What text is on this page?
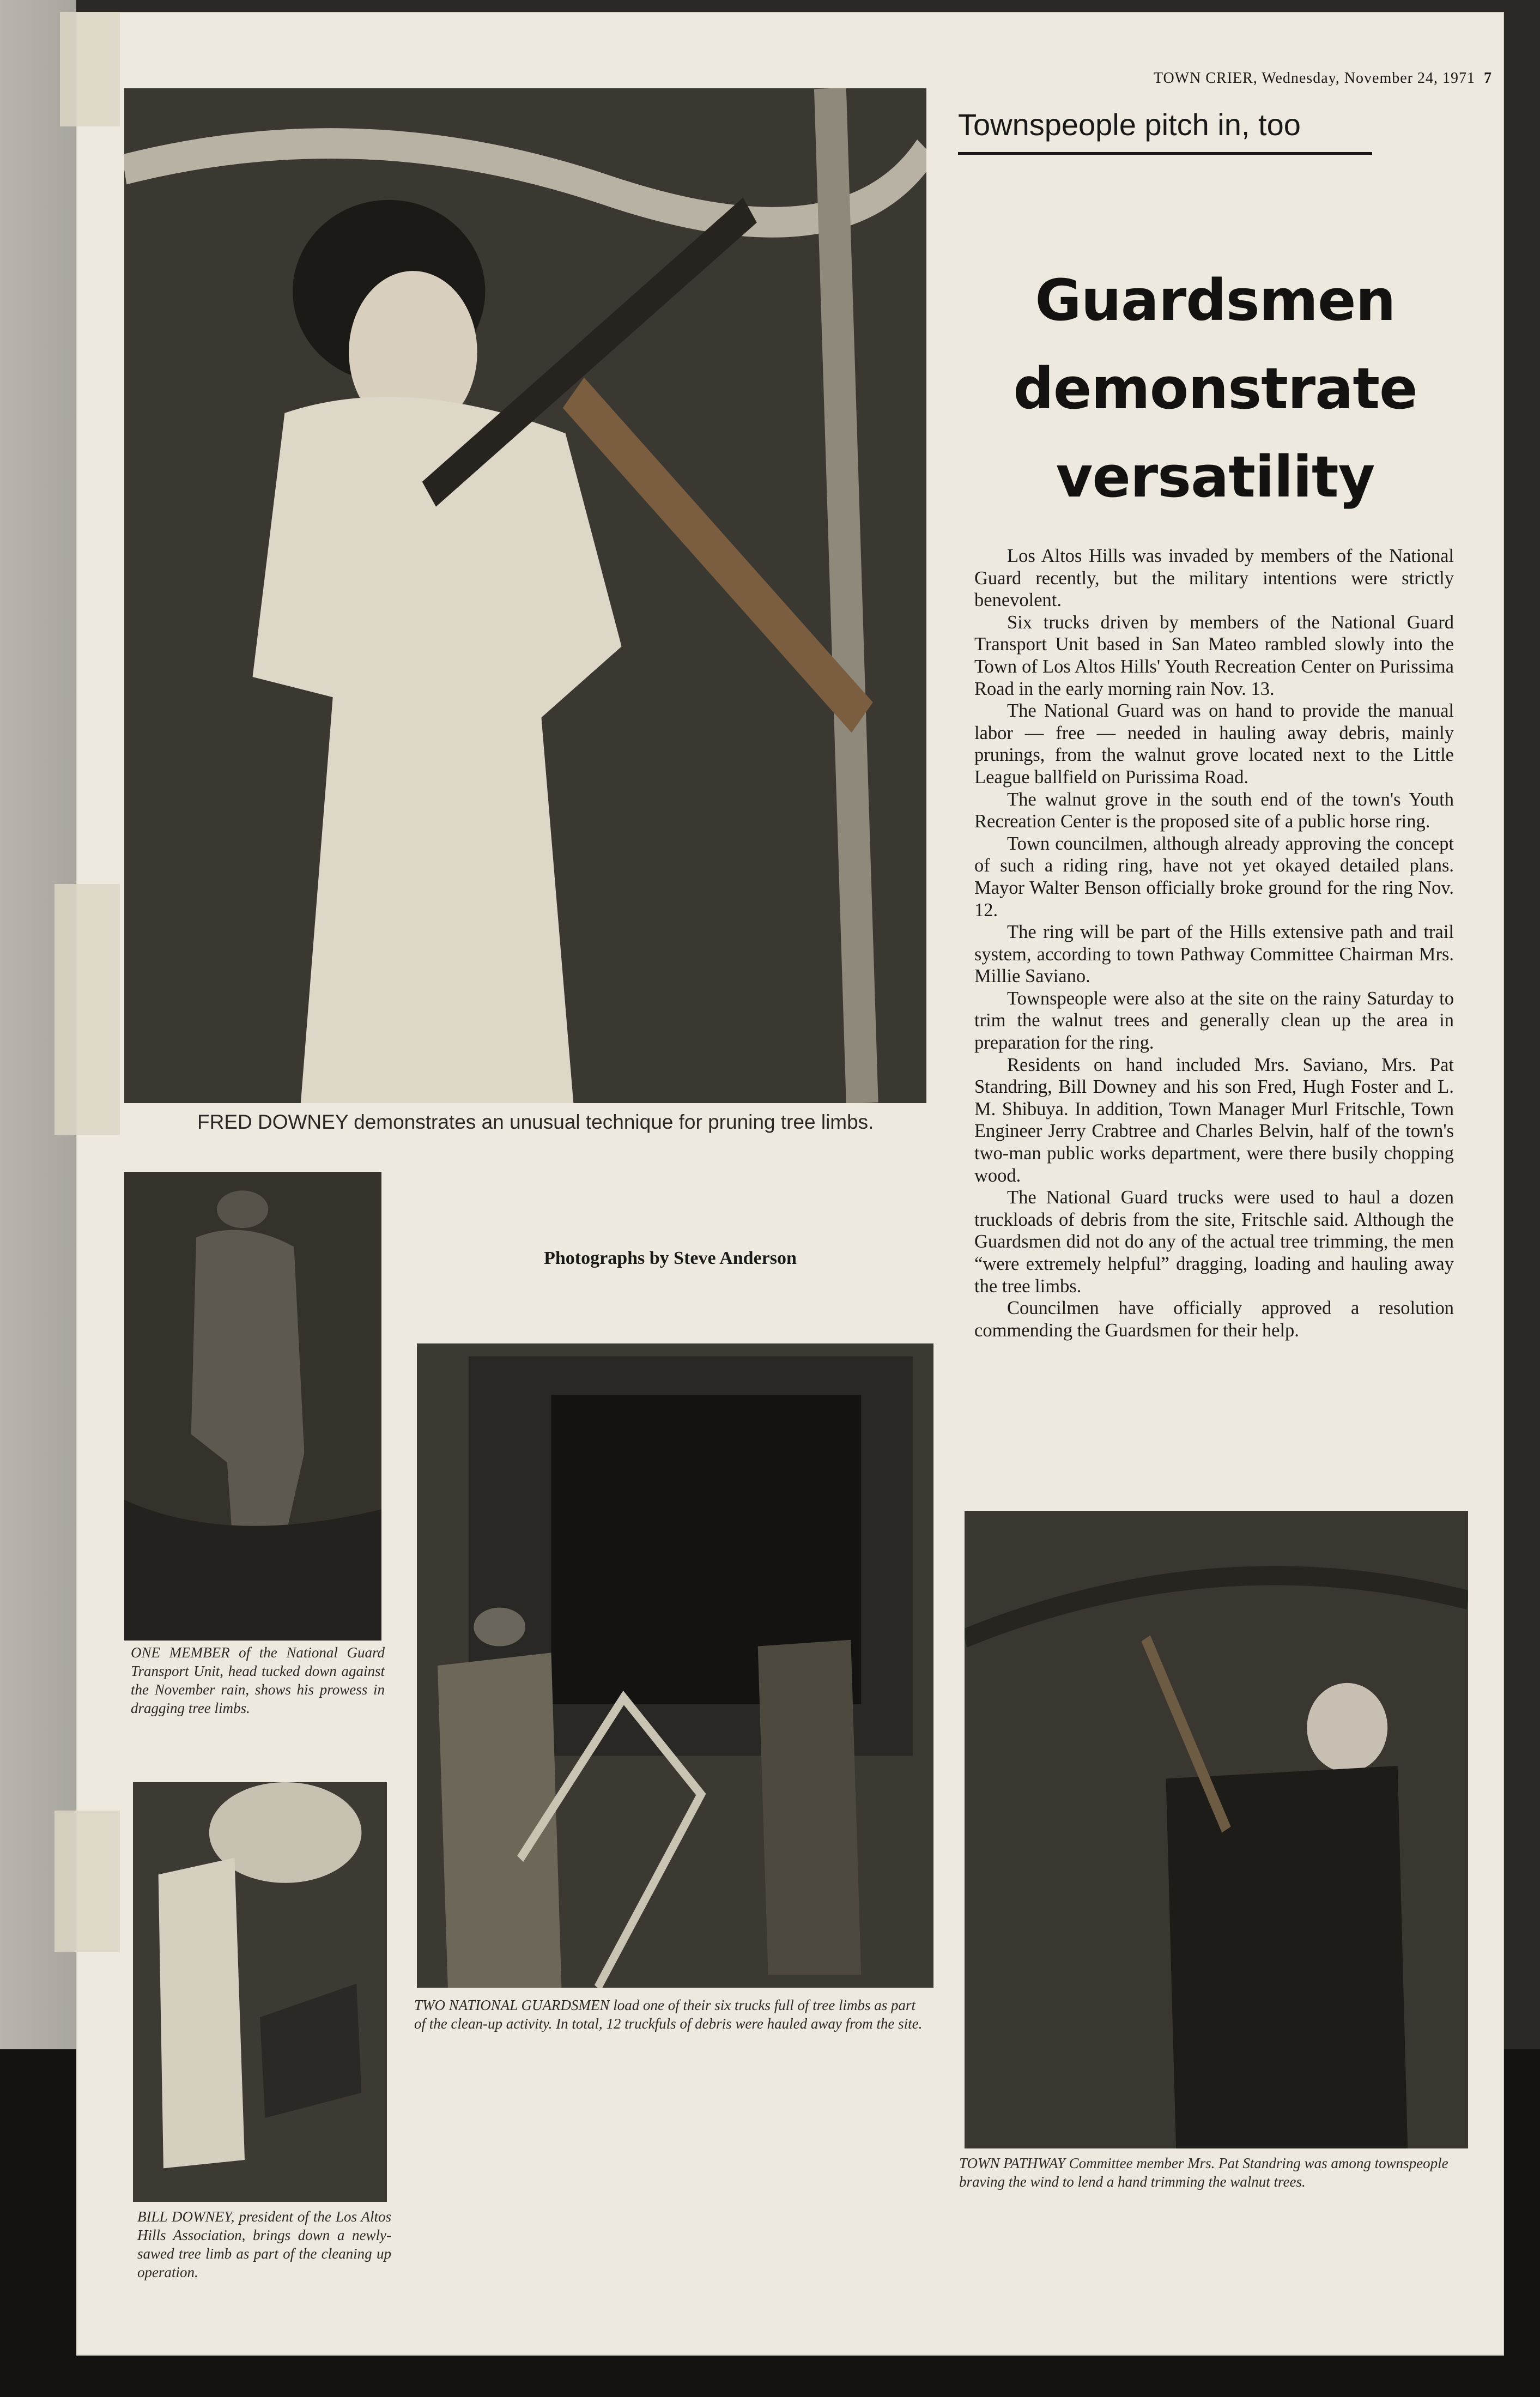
TOWN CRIER, Wednesday, November 24, 1971 7
Townspeople pitch in, too
Guardsmen
demonstrate
versatility

Los Altos Hills was invaded by members of the National Guard recently, but the military intentions were strictly benevolent.

Six trucks driven by members of the National Guard Transport Unit based in San Mateo rambled slowly into the Town of Los Altos Hills' Youth Recreation Center on Purissima Road in the early morning rain Nov. 13.

The National Guard was on hand to provide the manual labor — free — needed in hauling away debris, mainly prunings, from the walnut grove located next to the Little League ballfield on Purissima Road.

The walnut grove in the south end of the town's Youth Recreation Center is the proposed site of a public horse ring.

Town councilmen, although already approving the concept of such a riding ring, have not yet okayed detailed plans. Mayor Walter Benson officially broke ground for the ring Nov. 12.

The ring will be part of the Hills extensive path and trail system, according to town Pathway Committee Chairman Mrs. Millie Saviano.

Townspeople were also at the site on the rainy Saturday to trim the walnut trees and generally clean up the area in preparation for the ring.

Residents on hand included Mrs. Saviano, Mrs. Pat Standring, Bill Downey and his son Fred, Hugh Foster and L. M. Shibuya. In addition, Town Manager Murl Fritschle, Town Engineer Jerry Crabtree and Charles Belvin, half of the town's two-man public works department, were there busily chopping wood.

The National Guard trucks were used to haul a dozen truckloads of debris from the site, Fritschle said. Although the Guardsmen did not do any of the actual tree trimming, the men “were extremely helpful” dragging, loading and hauling away the tree limbs.

Councilmen have officially approved a resolution commending the Guardsmen for their help.

FRED DOWNEY demonstrates an unusual technique for pruning tree limbs.
Photographs by Steve Anderson
ONE MEMBER of the National Guard Transport Unit, head tucked down against the November rain, shows his prowess in dragging tree limbs.
TWO NATIONAL GUARDSMEN load one of their six trucks full of tree limbs as part of the clean-up activity. In total, 12 truckfuls of debris were hauled away from the site.
BILL DOWNEY, president of the Los Altos Hills Association, brings down a newly-sawed tree limb as part of the cleaning up operation.
TOWN PATHWAY Committee member Mrs. Pat Standring was among townspeople braving the wind to lend a hand trimming the walnut trees.
